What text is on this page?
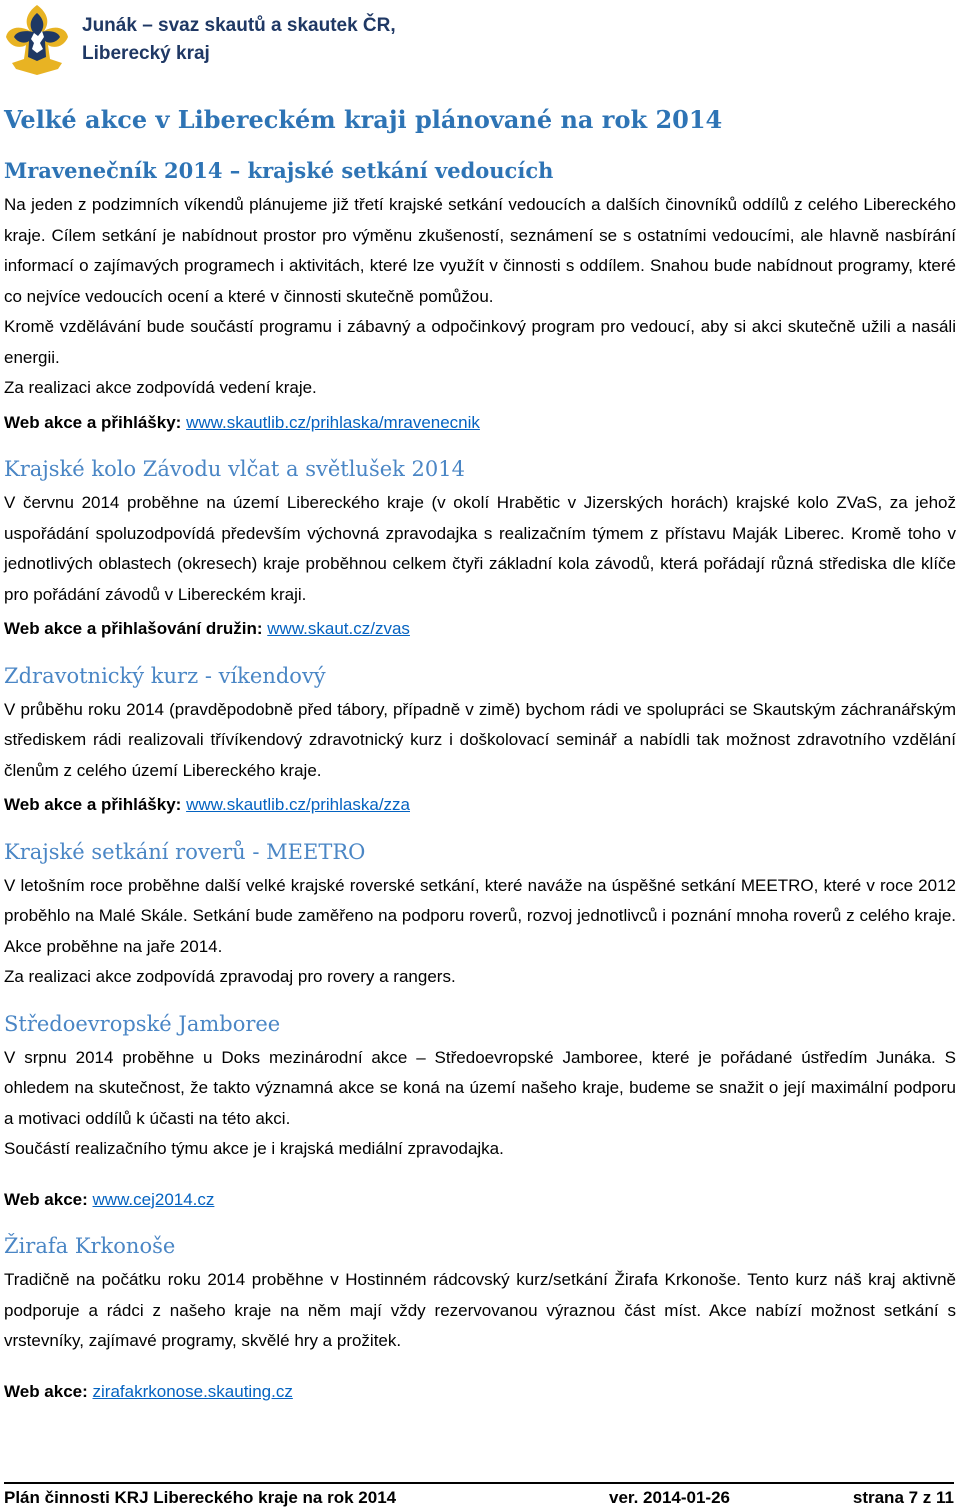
Junák – svaz skautů a skautek ČR,
Liberecký kraj
Velké akce v Libereckém kraji plánované na rok 2014
Mravenečník 2014 – krajské setkání vedoucích

Na jeden z podzimních víkendů plánujeme již třetí krajské setkání vedoucích a dalších činovníků oddílů z celého Libereckého kraje. Cílem setkání je nabídnout prostor pro výměnu zkušeností, seznámení se s ostatními vedoucími, ale hlavně nasbírání informací o zajímavých programech i aktivitách, které lze využít v činnosti s oddílem. Snahou bude nabídnout programy, které co nejvíce vedoucích ocení a které v činnosti skutečně pomůžou.

Kromě vzdělávání bude součástí programu i zábavný a odpočinkový program pro vedoucí, aby si akci skutečně užili a nasáli energii.

Za realizaci akce zodpovídá vedení kraje.

Web akce a přihlášky: www.skautlib.cz/prihlaska/mravenecnik
Krajské kolo Závodu vlčat a světlušek 2014

V červnu 2014 proběhne na území Libereckého kraje (v okolí Hrabětic v Jizerských horách) krajské kolo ZVaS, za jehož uspořádání spoluzodpovídá především výchovná zpravodajka s realizačním týmem z přístavu Maják Liberec. Kromě toho v jednotlivých oblastech (okresech) kraje proběhnou celkem čtyři základní kola závodů, která pořádají různá střediska dle klíče pro pořádání závodů v Libereckém kraji.

Web akce a přihlašování družin: www.skaut.cz/zvas
Zdravotnický kurz - víkendový

V průběhu roku 2014 (pravděpodobně před tábory, případně v zimě) bychom rádi ve spolupráci se Skautským záchranářským střediskem rádi realizovali třívíkendový zdravotnický kurz i doškolovací seminář a nabídli tak možnost zdravotního vzdělání členům z celého území Libereckého kraje.

Web akce a přihlášky: www.skautlib.cz/prihlaska/zza
Krajské setkání roverů - MEETRO

V letošním roce proběhne další velké krajské roverské setkání, které naváže na úspěšné setkání MEETRO, které v roce 2012 proběhlo na Malé Skále. Setkání bude zaměřeno na podporu roverů, rozvoj jednotlivců i poznání mnoha roverů z celého kraje. Akce proběhne na jaře 2014.

Za realizaci akce zodpovídá zpravodaj pro rovery a rangers.

Středoevropské Jamboree

V srpnu 2014 proběhne u Doks mezinárodní akce – Středoevropské Jamboree, které je pořádané ústředím Junáka. S ohledem na skutečnost, že takto významná akce se koná na území našeho kraje, budeme se snažit o její maximální podporu a motivaci oddílů k účasti na této akci.

Součástí realizačního týmu akce je i krajská mediální zpravodajka.

Web akce: www.cej2014.cz
Žirafa Krkonoše

Tradičně na počátku roku 2014 proběhne v Hostinném rádcovský kurz/setkání Žirafa Krkonoše. Tento kurz náš kraj aktivně podporuje a rádci z našeho kraje na něm mají vždy rezervovanou výraznou část míst. Akce nabízí možnost setkání s vrstevníky, zajímavé programy, skvělé hry a prožitek.

Web akce: zirafakrkonose.skauting.cz
Plán činnosti KRJ Libereckého kraje na rok 2014	ver. 2014-01-26	strana 7 z 11
